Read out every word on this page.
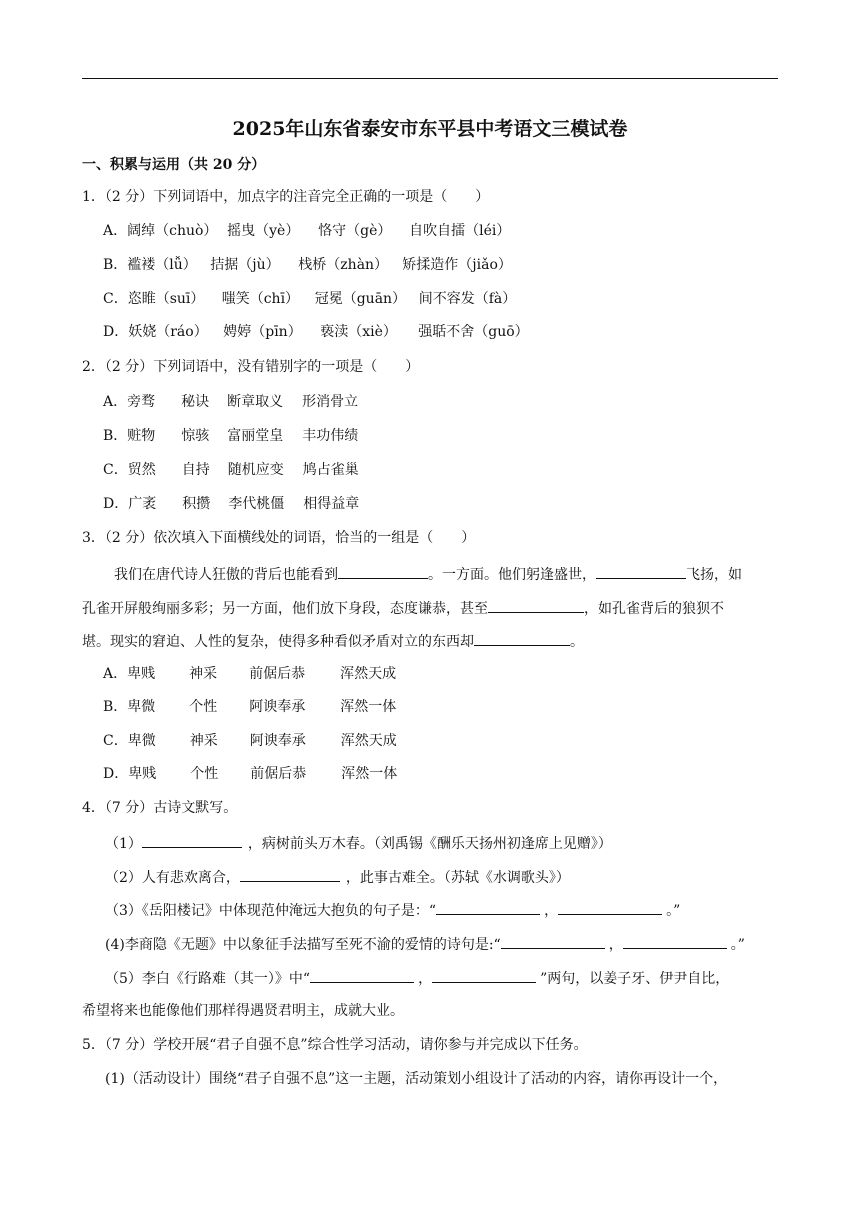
2025年山东省泰安市东平县中考语文三模试卷
一、积累与运用（共 20 分）
1．（2 分）下列词语中，加点字的注音完全正确的一项是（　　）
A．阔绰（chuò） 摇曳（yè） 恪守（gè） 自吹自擂（léi）
B．褴褛（lǚ） 拮据（jù） 栈桥（zhàn） 矫揉造作（jiǎo）
C．恣睢（suī） 嗤笑（chī） 冠冕（guān） 间不容发（fà）
D．妖娆（ráo） 娉婷（pīn） 亵渎（xiè） 强聒不舍（guō）
2．（2 分）下列词语中，没有错别字的一项是（　　）
A．旁骛 秘诀 断章取义 形消骨立
B．赃物 惊骇 富丽堂皇 丰功伟绩
C．贸然 自持 随机应变 鸠占雀巢
D．广袤 积攒 李代桃僵 相得益章
3．（2 分）依次填入下面横线处的词语，恰当的一组是（　　）
我们在唐代诗人狂傲的背后也能看到	。一方面。他们躬逢盛世，	飞扬，如
孔雀开屏般绚丽多彩；另一方面，他们放下身段，态度谦恭，甚至	，如孔雀背后的狼狈不
堪。现实的窘迫、人性的复杂，使得多种看似矛盾对立的东西却	。
A．卑贱 神采 前倨后恭	浑然天成
B．卑微 个性 阿谀奉承	浑然一体
C．卑微 神采 阿谀奉承	浑然天成
D．卑贱 个性 前倨后恭	浑然一体
4．（7 分）古诗文默写。
（1）	，病树前头万木春。（刘禹锡《酬乐天扬州初逢席上见赠》）
（2）人有悲欢离合，	，此事古难全。（苏轼《水调歌头》）
（3）《岳阳楼记》中体现范仲淹远大抱负的句子是：“	，	。”
(4)李商隐《无题》中以象征手法描写至死不渝的爱情的诗句是:“	，	。”
（5）李白《行路难（其一）》中“	，	”两句，以姜子牙、伊尹自比，
希望将来也能像他们那样得遇贤君明主，成就大业。
5．（7 分）学校开展“君子自强不息”综合性学习活动，请你参与并完成以下任务。
(1)（活动设计）围绕“君子自强不息”这一主题，活动策划小组设计了活动的内容，请你再设计一个，
